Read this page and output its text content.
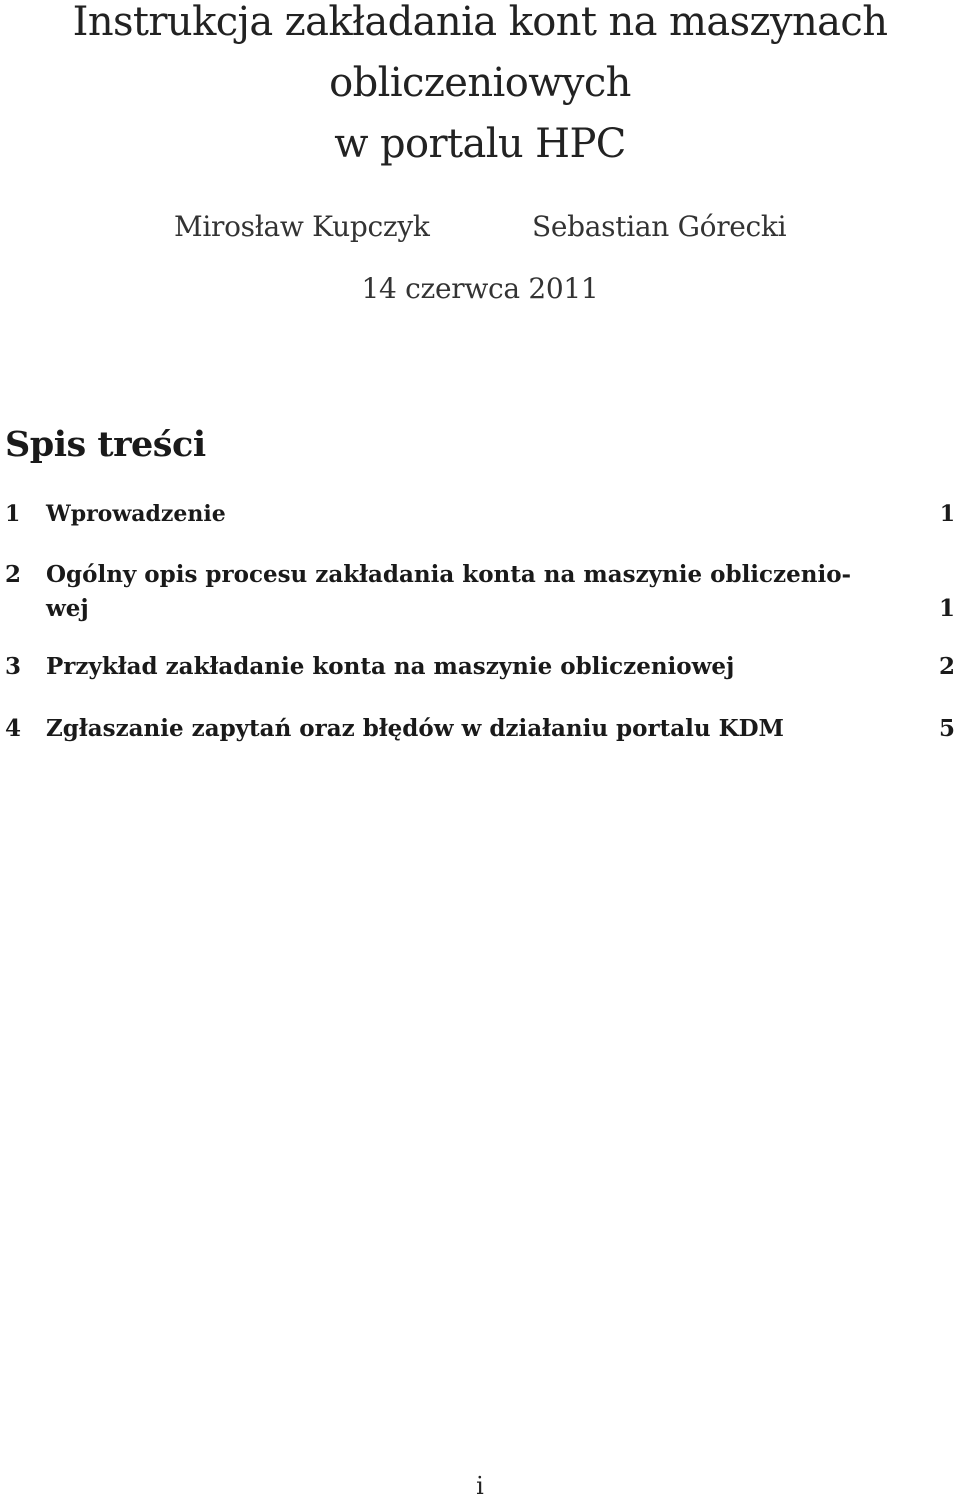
Instrukcja zakładania kont na maszynach
obliczeniowych
w portalu HPC
Mirosław Kupczyk	Sebastian Górecki
14 czerwca 2011
Spis treści
1 Wprowadzenie	1
2 Ogólny opis procesu zakładania konta na maszynie obliczenio-
wej	1
3 Przykład zakładanie konta na maszynie obliczeniowej	2
4 Zgłaszanie zapytań oraz błędów w działaniu portalu KDM	5
i
